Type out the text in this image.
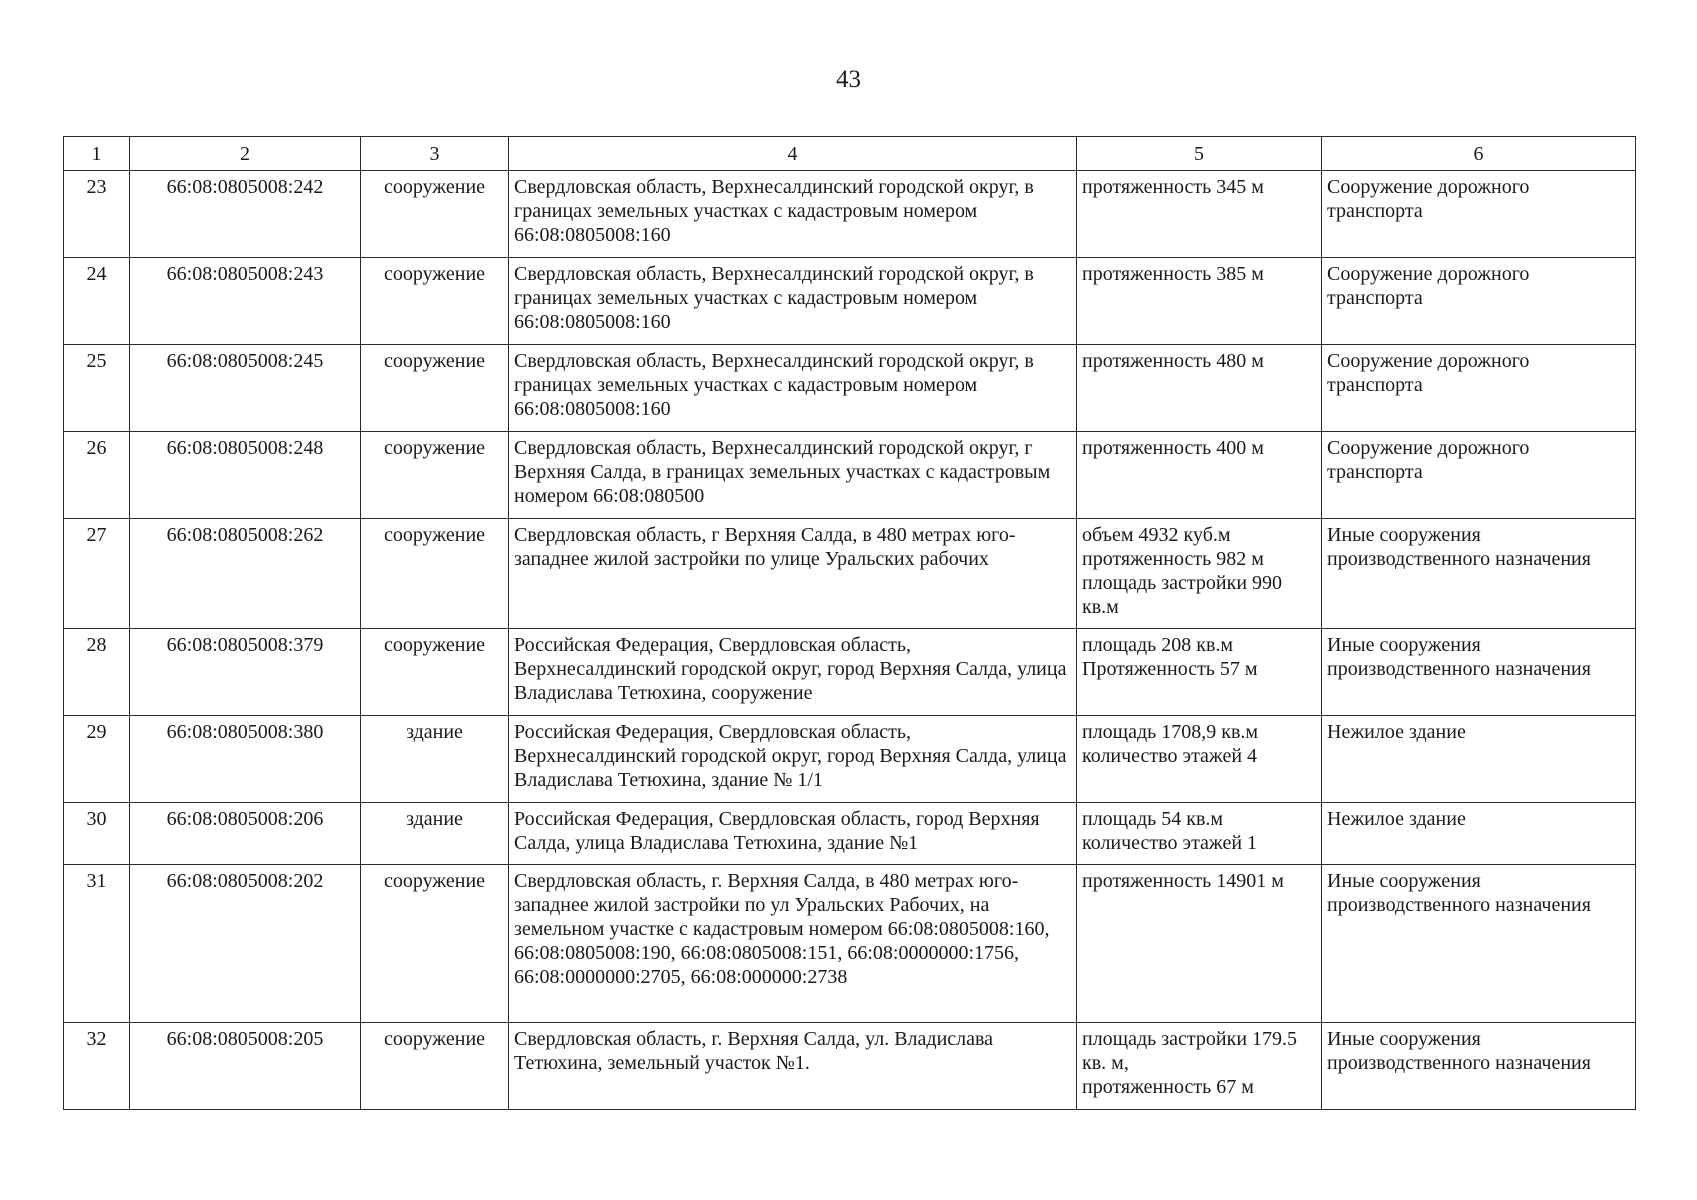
43
1	2	3	4	5	6
23	66:08:0805008:242	сооружение	Свердловская область, Верхнесалдинский городской округ, в границах земельных участках с кадастровым номером 66:08:0805008:160	протяженность 345 м	Сооружение дорожного транспорта
24	66:08:0805008:243	сооружение	Свердловская область, Верхнесалдинский городской округ, в границах земельных участках с кадастровым номером 66:08:0805008:160	протяженность 385 м	Сооружение дорожного транспорта
25	66:08:0805008:245	сооружение	Свердловская область, Верхнесалдинский городской округ, в границах земельных участках с кадастровым номером 66:08:0805008:160	протяженность 480 м	Сооружение дорожного транспорта
26	66:08:0805008:248	сооружение	Свердловская область, Верхнесалдинский городской округ, г Верхняя Салда, в границах земельных участках с кадастровым номером 66:08:080500	протяженность 400 м	Сооружение дорожного транспорта
27	66:08:0805008:262	сооружение	Свердловская область, г Верхняя Салда, в 480 метрах юго-западнее жилой застройки по улице Уральских рабочих	объем 4932 куб.м
протяженность 982 м
площадь застройки 990 кв.м	Иные сооружения производственного назначения
28	66:08:0805008:379	сооружение	Российская Федерация, Свердловская область, Верхнесалдинский городской округ, город Верхняя Салда, улица Владислава Тетюхина, сооружение	площадь 208 кв.м
Протяженность 57 м	Иные сооружения производственного назначения
29	66:08:0805008:380	здание	Российская Федерация, Свердловская область, Верхнесалдинский городской округ, город Верхняя Салда, улица Владислава Тетюхина, здание № 1/1	площадь 1708,9 кв.м
количество этажей 4	Нежилое здание
30	66:08:0805008:206	здание	Российская Федерация, Свердловская область, город Верхняя Салда, улица Владислава Тетюхина, здание №1	площадь 54 кв.м
количество этажей 1	Нежилое здание
31	66:08:0805008:202	сооружение	Свердловская область, г. Верхняя Салда, в 480 метрах юго-западнее жилой застройки по ул Уральских Рабочих, на земельном участке с кадастровым номером 66:08:0805008:160, 66:08:0805008:190, 66:08:0805008:151, 66:08:0000000:1756, 66:08:0000000:2705, 66:08:000000:2738	протяженность 14901 м	Иные сооружения производственного назначения
32	66:08:0805008:205	сооружение	Свердловская область, г. Верхняя Салда, ул. Владислава Тетюхина, земельный участок №1.	площадь застройки 179.5 кв. м,
протяженность 67 м	Иные сооружения производственного назначения
